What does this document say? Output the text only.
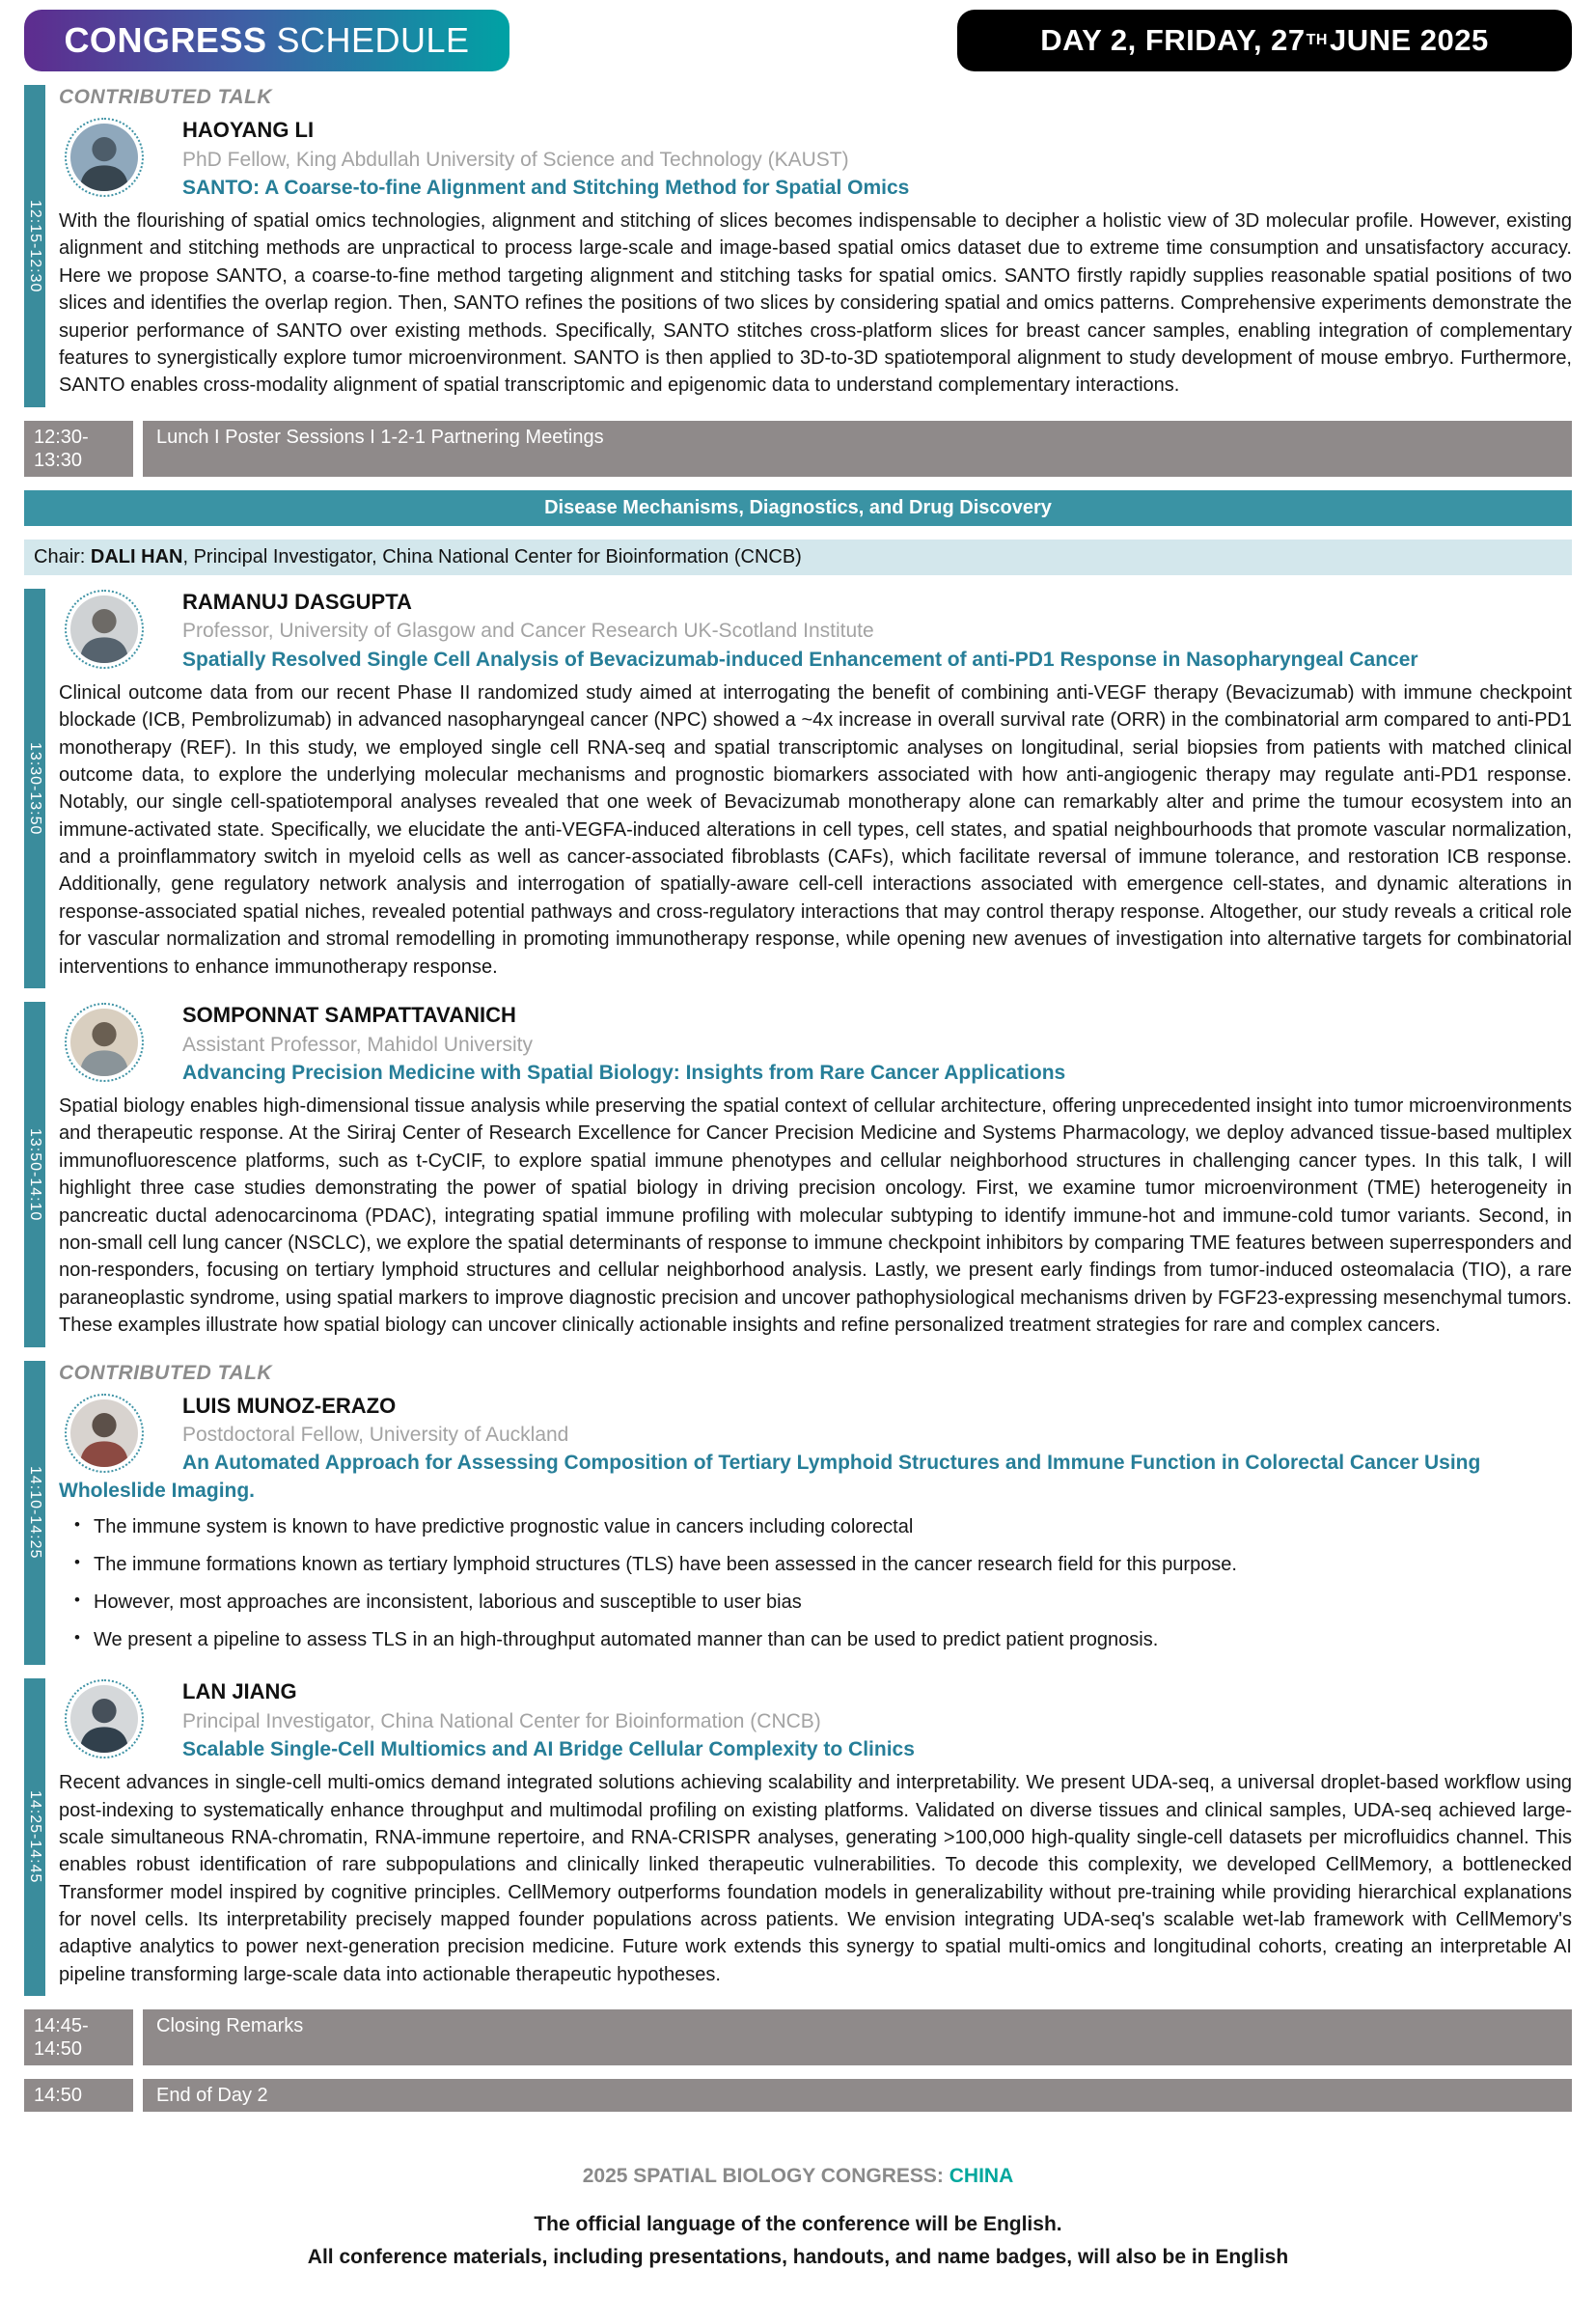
CONGRESS SCHEDULE	DAY 2, FRIDAY, 27 TH JUNE 2025
12:15-12:30
CONTRIBUTED TALK
HAOYANG LI
PhD Fellow, King Abdullah University of Science and Technology (KAUST)
SANTO: A Coarse-to-fine Alignment and Stitching Method for Spatial Omics

With the flourishing of spatial omics technologies, alignment and stitching of slices becomes indispensable to decipher a holistic view of 3D molecular profile. However, existing alignment and stitching methods are unpractical to process large-scale and image-based spatial omics dataset due to extreme time consumption and unsatisfactory accuracy. Here we propose SANTO, a coarse-to-fine method targeting alignment and stitching tasks for spatial omics. SANTO firstly rapidly supplies reasonable spatial positions of two slices and identifies the overlap region. Then, SANTO refines the positions of two slices by considering spatial and omics patterns. Comprehensive experiments demonstrate the superior performance of SANTO over existing methods. Specifically, SANTO stitches cross-platform slices for breast cancer samples, enabling integration of complementary features to synergistically explore tumor microenvironment. SANTO is then applied to 3D-to-3D spatiotemporal alignment to study development of mouse embryo. Furthermore, SANTO enables cross-modality alignment of spatial transcriptomic and epigenomic data to understand complementary interactions.

12:30-13:30
Lunch I Poster Sessions I 1-2-1 Partnering Meetings
Disease Mechanisms, Diagnostics, and Drug Discovery
Chair: DALI HAN, Principal Investigator, China National Center for Bioinformation (CNCB)
13:30-13:50
RAMANUJ DASGUPTA
Professor, University of Glasgow and Cancer Research UK-Scotland Institute
Spatially Resolved Single Cell Analysis of Bevacizumab-induced Enhancement of anti-PD1 Response in Nasopharyngeal Cancer

Clinical outcome data from our recent Phase II randomized study aimed at interrogating the benefit of combining anti-VEGF therapy (Bevacizumab) with immune checkpoint blockade (ICB, Pembrolizumab) in advanced nasopharyngeal cancer (NPC) showed a ~4x increase in overall survival rate (ORR) in the combinatorial arm compared to anti-PD1 monotherapy (REF). In this study, we employed single cell RNA-seq and spatial transcriptomic analyses on longitudinal, serial biopsies from patients with matched clinical outcome data, to explore the underlying molecular mechanisms and prognostic biomarkers associated with how anti-angiogenic therapy may regulate anti-PD1 response. Notably, our single cell-spatiotemporal analyses revealed that one week of Bevacizumab monotherapy alone can remarkably alter and prime the tumour ecosystem into an immune-activated state. Specifically, we elucidate the anti-VEGFA-induced alterations in cell types, cell states, and spatial neighbourhoods that promote vascular normalization, and a proinflammatory switch in myeloid cells as well as cancer-associated fibroblasts (CAFs), which facilitate reversal of immune tolerance, and restoration ICB response. Additionally, gene regulatory network analysis and interrogation of spatially-aware cell-cell interactions associated with emergence cell-states, and dynamic alterations in response-associated spatial niches, revealed potential pathways and cross-regulatory interactions that may control therapy response. Altogether, our study reveals a critical role for vascular normalization and stromal remodelling in promoting immunotherapy response, while opening new avenues of investigation into alternative targets for combinatorial interventions to enhance immunotherapy response.

13:50-14:10
SOMPONNAT SAMPATTAVANICH
Assistant Professor, Mahidol University
Advancing Precision Medicine with Spatial Biology: Insights from Rare Cancer Applications

Spatial biology enables high-dimensional tissue analysis while preserving the spatial context of cellular architecture, offering unprecedented insight into tumor microenvironments and therapeutic response. At the Siriraj Center of Research Excellence for Cancer Precision Medicine and Systems Pharmacology, we deploy advanced tissue-based multiplex immunofluorescence platforms, such as t-CyCIF, to explore spatial immune phenotypes and cellular neighborhood structures in challenging cancer types. In this talk, I will highlight three case studies demonstrating the power of spatial biology in driving precision oncology. First, we examine tumor microenvironment (TME) heterogeneity in pancreatic ductal adenocarcinoma (PDAC), integrating spatial immune profiling with molecular subtyping to identify immune-hot and immune-cold tumor variants. Second, in non-small cell lung cancer (NSCLC), we explore the spatial determinants of response to immune checkpoint inhibitors by comparing TME features between superresponders and non-responders, focusing on tertiary lymphoid structures and cellular neighborhood analysis. Lastly, we present early findings from tumor-induced osteomalacia (TIO), a rare paraneoplastic syndrome, using spatial markers to improve diagnostic precision and uncover pathophysiological mechanisms driven by FGF23-expressing mesenchymal tumors. These examples illustrate how spatial biology can uncover clinically actionable insights and refine personalized treatment strategies for rare and complex cancers.

14:10-14:25
CONTRIBUTED TALK
LUIS MUNOZ-ERAZO
Postdoctoral Fellow, University of Auckland
An Automated Approach for Assessing Composition of Tertiary Lymphoid Structures and Immune Function in Colorectal Cancer Using Wholeslide Imaging.
• The immune system is known to have predictive prognostic value in cancers including colorectal
• The immune formations known as tertiary lymphoid structures (TLS) have been assessed in the cancer research field for this purpose.
• However, most approaches are inconsistent, laborious and susceptible to user bias
• We present a pipeline to assess TLS in an high-throughput automated manner than can be used to predict patient prognosis.
14:25-14:45
LAN JIANG
Principal Investigator, China National Center for Bioinformation (CNCB)
Scalable Single-Cell Multiomics and AI Bridge Cellular Complexity to Clinics

Recent advances in single-cell multi-omics demand integrated solutions achieving scalability and interpretability. We present UDA-seq, a universal droplet-based workflow using post-indexing to systematically enhance throughput and multimodal profiling on existing platforms. Validated on diverse tissues and clinical samples, UDA-seq achieved large-scale simultaneous RNA-chromatin, RNA-immune repertoire, and RNA-CRISPR analyses, generating >100,000 high-quality single-cell datasets per microfluidics channel. This enables robust identification of rare subpopulations and clinically linked therapeutic vulnerabilities. To decode this complexity, we developed CellMemory, a bottlenecked Transformer model inspired by cognitive principles. CellMemory outperforms foundation models in generalizability without pre-training while providing hierarchical explanations for novel cells. Its interpretability precisely mapped founder populations across patients. We envision integrating UDA-seq's scalable wet-lab framework with CellMemory's adaptive analytics to power next-generation precision medicine. Future work extends this synergy to spatial multi-omics and longitudinal cohorts, creating an interpretable AI pipeline transforming large-scale data into actionable therapeutic hypotheses.

14:45-14:50
Closing Remarks
14:50	End of Day 2
2025 SPATIAL BIOLOGY CONGRESS: CHINA
The official language of the conference will be English.
All conference materials, including presentations, handouts, and name badges, will also be in English
